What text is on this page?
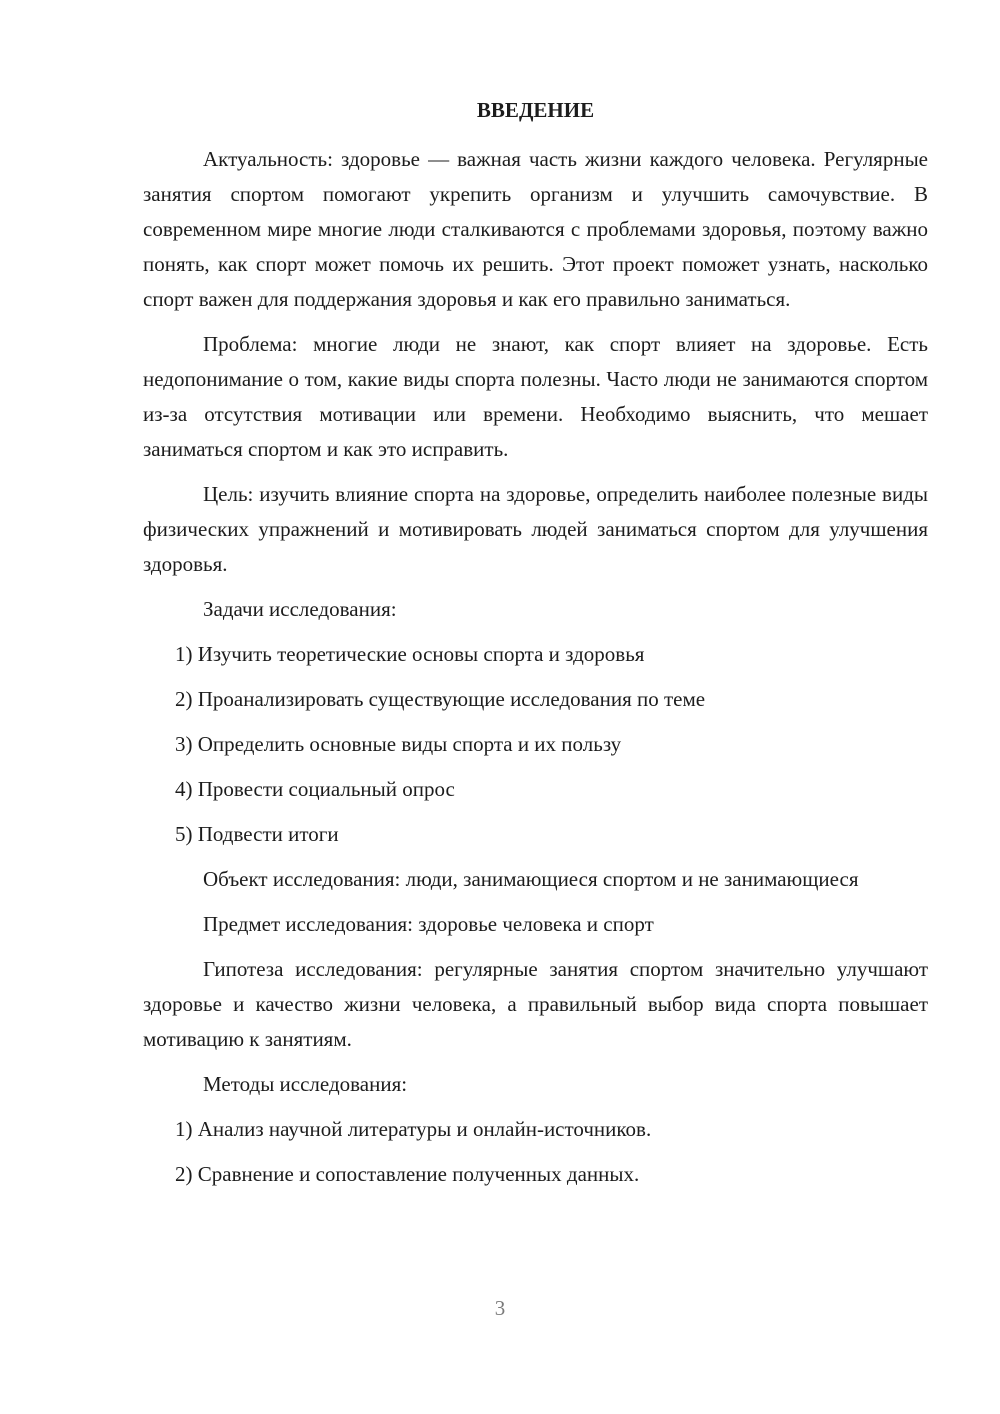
ВВЕДЕНИЕ

Актуальность: здоровье — важная часть жизни каждого человека. Регулярные занятия спортом помогают укрепить организм и улучшить самочувствие. В современном мире многие люди сталкиваются с проблемами здоровья, поэтому важно понять, как спорт может помочь их решить. Этот проект поможет узнать, насколько спорт важен для поддержания здоровья и как его правильно заниматься.

Проблема: многие люди не знают, как спорт влияет на здоровье. Есть недопонимание о том, какие виды спорта полезны. Часто люди не занимаются спортом из-за отсутствия мотивации или времени. Необходимо выяснить, что мешает заниматься спортом и как это исправить.

Цель: изучить влияние спорта на здоровье, определить наиболее полезные виды физических упражнений и мотивировать людей заниматься спортом для улучшения здоровья.

Задачи исследования:

1) Изучить теоретические основы спорта и здоровья
2) Проанализировать существующие исследования по теме
3) Определить основные виды спорта и их пользу
4) Провести социальный опрос
5) Подвести итоги

Объект исследования: люди, занимающиеся спортом и не занимающиеся

Предмет исследования: здоровье человека и спорт

Гипотеза исследования: регулярные занятия спортом значительно улучшают здоровье и качество жизни человека, а правильный выбор вида спорта повышает мотивацию к занятиям.

Методы исследования:

1) Анализ научной литературы и онлайн-источников.
2) Сравнение и сопоставление полученных данных.
3
